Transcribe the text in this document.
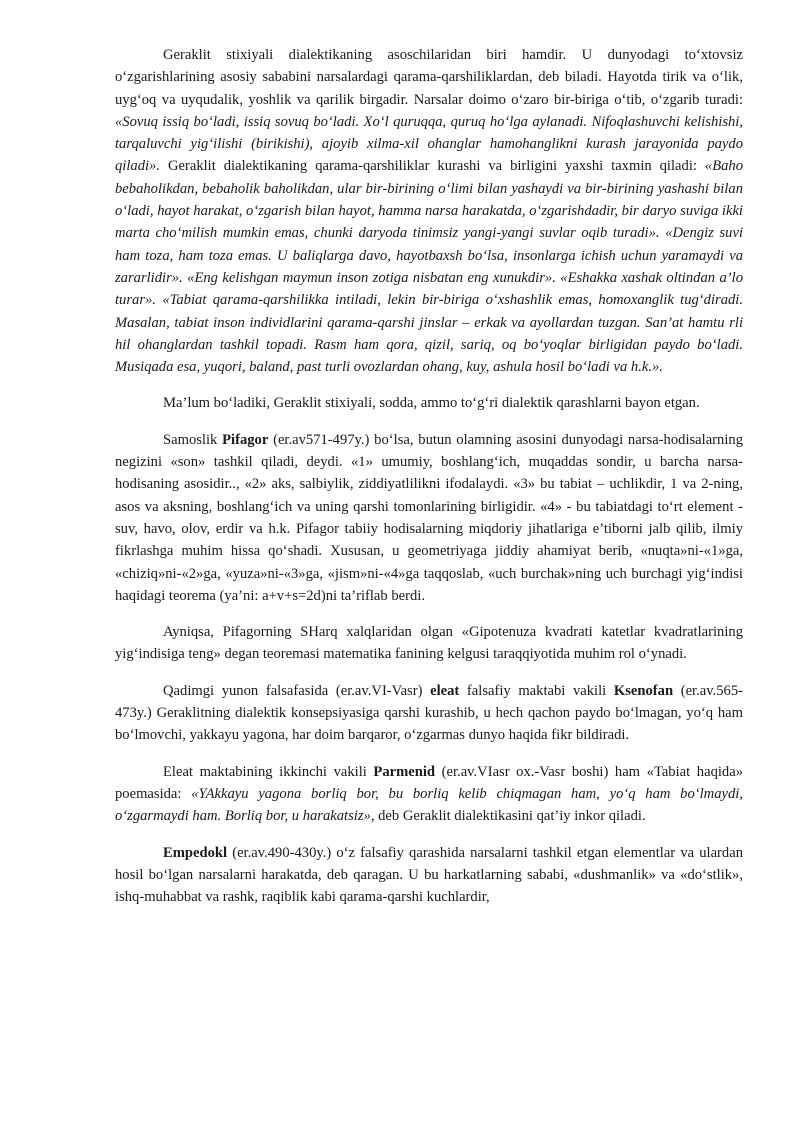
Geraklit stixiyali dialektikaning asoschilaridan biri hamdir. U dunyodagi to‘xtovsiz o‘zgarishlarining asosiy sababini narsalardagi qarama-qarshiliklardan, deb biladi. Hayotda tirik va o‘lik, uyg‘oq va uyqudalik, yoshlik va qarilik birgadir. Narsalar doimo o‘zaro bir-biriga o‘tib, o‘zgarib turadi: «Sovuq issiq bo‘ladi, issiq sovuq bo‘ladi. Xo‘l quruqqa, quruq ho‘lga aylanadi. Nifoqlashuvchi kelishishi, tarqaluvchi yig‘ilishi (birikishi), ajoyib xilma-xil ohanglar hamohanglikni kurash jarayonida paydo qiladi». Geraklit dialektikaning qarama-qarshiliklar kurashi va birligini yaxshi taxmin qiladi: «Baho bebaholikdan, bebaholik baholikdan, ular bir-birining o‘limi bilan yashaydi va bir-birining yashashi bilan o‘ladi, hayot harakat, o‘zgarish bilan hayot, hamma narsa harakatda, o‘zgarishdadir, bir daryo suviga ikki marta cho‘milish mumkin emas, chunki daryoda tinimsiz yangi-yangi suvlar oqib turadi». «Dengiz suvi ham toza, ham toza emas. U baliqlarga davo, hayotbaxsh bo‘lsa, insonlarga ichish uchun yaramaydi va zararlidir». «Eng kelishgan maymun inson zotiga nisbatan eng xunukdir». «Eshakka xashak oltindan a’lo turar». «Tabiat qarama-qarshilikka intiladi, lekin bir-biriga o‘xshashlik emas, homoxanglik tug‘diradi. Masalan, tabiat inson individlarini qarama-qarshi jinslar – erkak va ayollardan tuzgan. San’at hamtu rli hil ohanglardan tashkil topadi. Rasm ham qora, qizil, sariq, oq bo‘yoqlar birligidan paydo bo‘ladi. Musiqada esa, yuqori, baland, past turli ovozlardan ohang, kuy, ashula hosil bo‘ladi va h.k.».

Ma’lum bo‘ladiki, Geraklit stixiyali, sodda, ammo to‘g‘ri dialektik qarashlarni bayon etgan.

Samoslik Pifagor (er.av571-497y.) bo‘lsa, butun olamning asosini dunyodagi narsa-hodisalarning negizini «son» tashkil qiladi, deydi. «1» umumiy, boshlang‘ich, muqaddas sondir, u barcha narsa-hodisaning asosidir.., «2» aks, salbiylik, ziddiyatlilikni ifodalaydi. «3» bu tabiat – uchlikdir, 1 va 2-ning, asos va aksning, boshlang‘ich va uning qarshi tomonlarining birligidir. «4» - bu tabiatdagi to‘rt element - suv, havo, olov, erdir va h.k. Pifagor tabiiy hodisalarning miqdoriy jihatlariga e’tiborni jalb qilib, ilmiy fikrlashga muhim hissa qo‘shadi. Xususan, u geometriyaga jiddiy ahamiyat berib, «nuqta»ni-«1»ga, «chiziq»ni-«2»ga, «yuza»ni-«3»ga, «jism»ni-«4»ga taqqoslab, «uch burchak»ning uch burchagi yig‘indisi haqidagi teorema (ya’ni: a+v+s=2d)ni ta’riflab berdi.

Ayniqsa, Pifagorning SHarq xalqlaridan olgan «Gipotenuza kvadrati katetlar kvadratlarining yig‘indisiga teng» degan teoremasi matematika fanining kelgusi taraqqiyotida muhim rol o‘ynadi.

Qadimgi yunon falsafasida (er.av.VI-Vasr) eleat falsafiy maktabi vakili Ksenofan (er.av.565-473y.) Geraklitning dialektik konsepsiyasiga qarshi kurashib, u hech qachon paydo bo‘lmagan, yo‘q ham bo‘lmovchi, yakkayu yagona, har doim barqaror, o‘zgarmas dunyo haqida fikr bildiradi.

Eleat maktabining ikkinchi vakili Parmenid (er.av.VIasr ox.-Vasr boshi) ham «Tabiat haqida» poemasida: «YAkkayu yagona borliq bor, bu borliq kelib chiqmagan ham, yo‘q ham bo‘lmaydi, o‘zgarmaydi ham. Borliq bor, u harakatsiz», deb Geraklit dialektikasini qat’iy inkor qiladi.

Empedokl (er.av.490-430y.) o‘z falsafiy qarashida narsalarni tashkil etgan elementlar va ulardan hosil bo‘lgan narsalarni harakatda, deb qaragan. U bu harkatlarning sababi, «dushmanlik» va «do‘stlik», ishq-muhabbat va rashk, raqiblik kabi qarama-qarshi kuchlardir,
